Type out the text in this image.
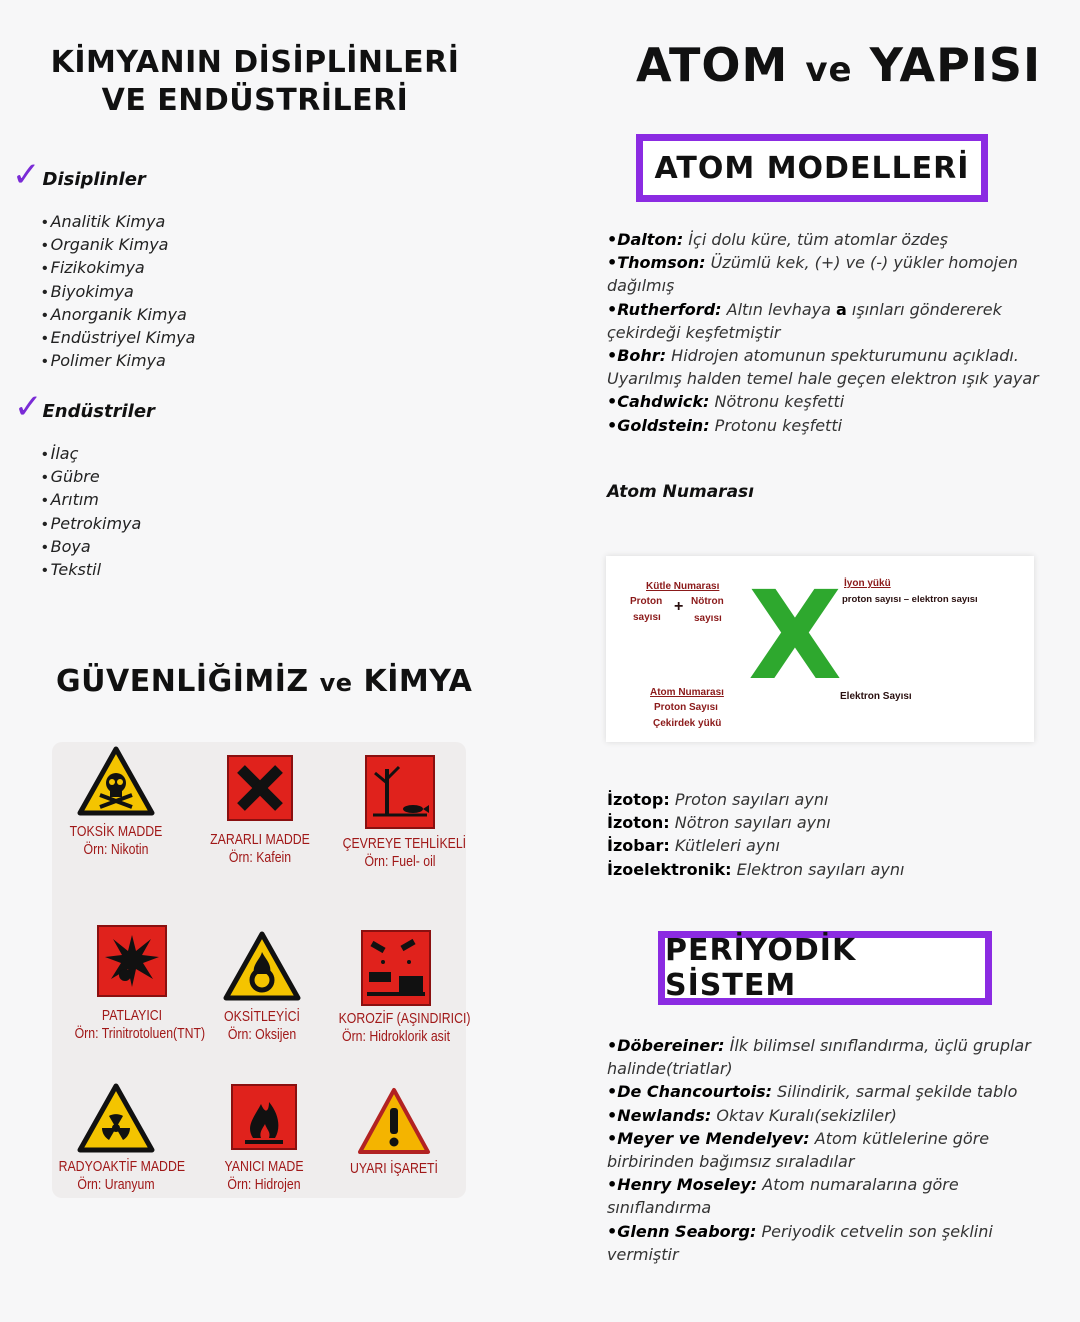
KİMYANIN DİSİPLİNLERİ
VE ENDÜSTRİLERİ
✓ Disiplinler
• Analitik Kimya
• Organik Kimya
• Fizikokimya
• Biyokimya
• Anorganik Kimya
• Endüstriyel Kimya
• Polimer Kimya
✓ Endüstriler
• İlaç
• Gübre
• Arıtım
• Petrokimya
• Boya
• Tekstil
GÜVENLİĞİMİZ ve KİMYA
TOKSİK MADDE
Örn: Nikotin
ZARARLI MADDE
Örn: Kafein
ÇEVREYE TEHLİKELİ
Örn: Fuel- oil
PATLAYICI
Örn: Trinitrotoluen(TNT)
OKSİTLEYİCİ
Örn: Oksijen
KOROZİF (AŞINDIRICI)
Örn: Hidroklorik asit
RADYOAKTİF MADDE
Örn: Uranyum
YANICI MADE
Örn: Hidrojen
UYARI İŞARETİ
ATOM ve YAPISI
ATOM MODELLERİ
•Dalton: İçi dolu küre, tüm atomlar özdeş
•Thomson: Üzümlü kek, (+) ve (-) yükler homojen
dağılmış
•Rutherford: Altın levhaya a ışınları göndererek
çekirdeği keşfetmiştir
•Bohr: Hidrojen atomunun spekturumunu açıkladı.
Uyarılmış halden temel hale geçen elektron ışık yayar
•Cahdwick: Nötronu keşfetti
•Goldstein: Protonu keşfetti
Atom Numarası
Kütle Numarası
Proton
sayısı
+ Nötron
sayısı X İyon yükü
proton sayısı – elektron sayısı
Atom Numarası
Proton Sayısı
Çekirdek yükü
Elektron Sayısı
İzotop: Proton sayıları aynı
İzoton: Nötron sayıları aynı
İzobar: Kütleleri aynı
İzoelektronik: Elektron sayıları aynı
PERİYODİK SİSTEM
•Döbereiner: İlk bilimsel sınıflandırma, üçlü gruplar
halinde(triatlar)
•De Chancourtois: Silindirik, sarmal şekilde tablo
•Newlands: Oktav Kuralı(sekizliler)
•Meyer ve Mendelyev: Atom kütlelerine göre
birbirinden bağımsız sıraladılar
•Henry Moseley: Atom numaralarına göre
sınıflandırma
•Glenn Seaborg: Periyodik cetvelin son şeklini
vermiştir
